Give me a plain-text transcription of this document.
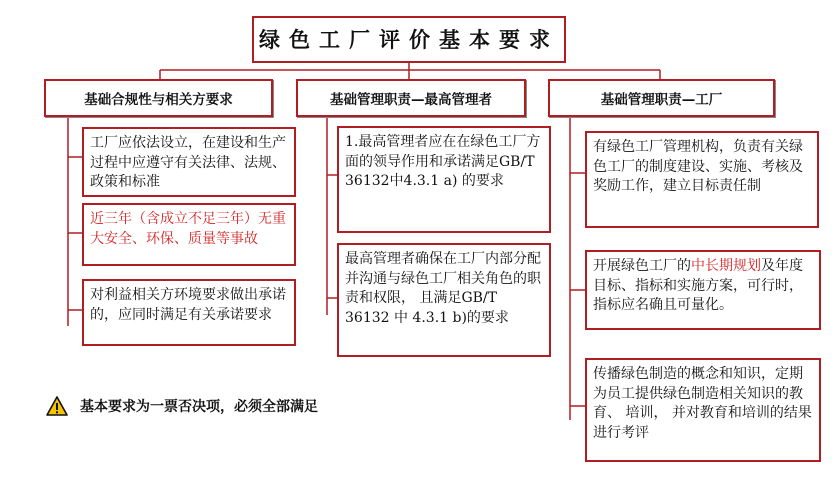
绿色工厂评价基本要求
基础合规性与相关方要求	基础管理职责—最高管理者	基础管理职责—工厂
工厂应依法设立，在建设和生产过程中应遵守有关法律、法规、政策和标准
近三年（含成立不足三年）无重大安全、环保、质量等事故
对利益相关方环境要求做出承诺的，应同时满足有关承诺要求
1.最高管理者应在在绿色工厂方面的领导作用和承诺满足GB/T 36132中4.3.1 a) 的要求
最高管理者确保在工厂内部分配并沟通与绿色工厂相关角色的职责和权限， 且满足GB/T 36132 中 4.3.1 b)的要求
有绿色工厂管理机构，负责有关绿色工厂的制度建设、实施、考核及奖励工作，建立目标责任制
开展绿色工厂的中长期规划及年度目标、指标和实施方案，可行时，指标应名确且可量化。
传播绿色制造的概念和知识，定期为员工提供绿色制造相关知识的教育、 培训， 并对教育和培训的结果进行考评
基本要求为一票否决项，必须全部满足
